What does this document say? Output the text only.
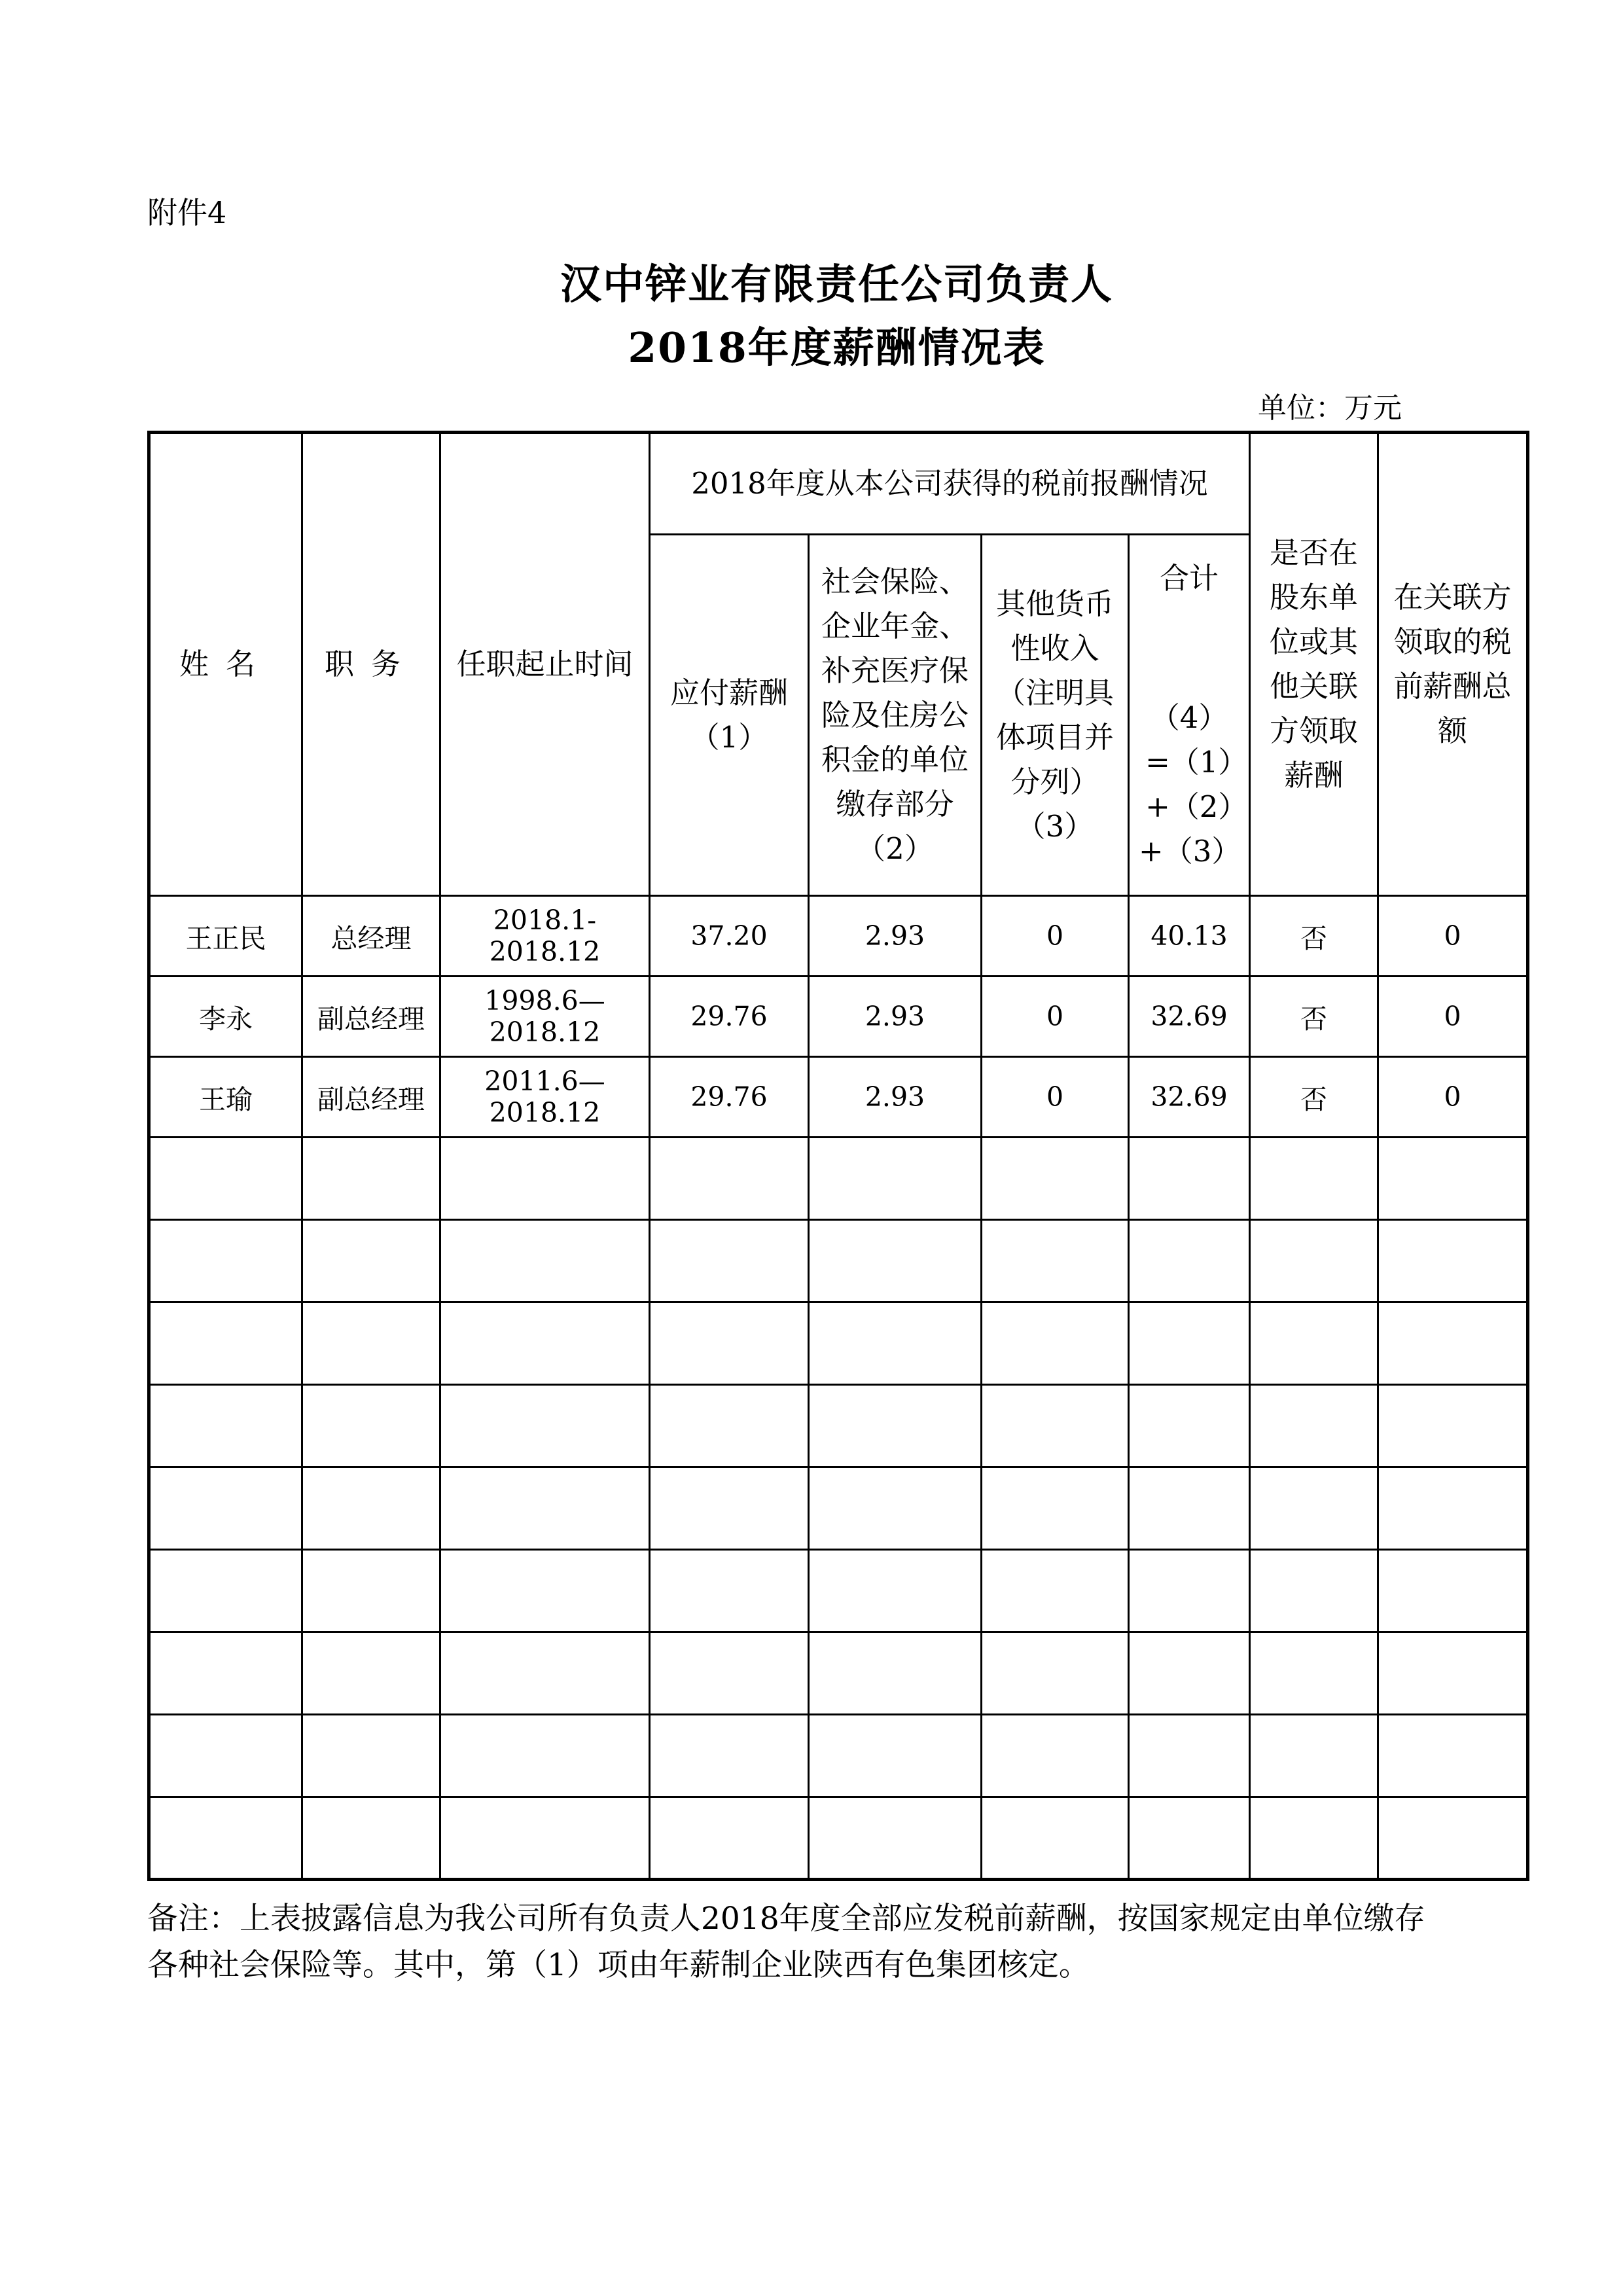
附件4
汉中锌业有限责任公司负责人
2018年度薪酬情况表
单位：万元
姓名	职务	任职起止时间	2018年度从本公司获得的税前报酬情况				是否在股东单位或其他关联方领取薪酬	在关联方领取的税前薪酬总额
			应付薪酬（1）	社会保险、企业年金、补充医疗保险及住房公积金的单位缴存部分（2）	其他货币性收入（注明具体项目并分列）（3）	合计
（4）=（1）+（2）+（3）		

王正民	总经理	2018.1-2018.12	37.20	2.93	0	40.13	否	0
李永	副总经理	1998.6—2018.12	29.76	2.93	0	32.69	否	0
王瑜	副总经理	2011.6—2018.12	29.76	2.93	0	32.69	否	0

备注：上表披露信息为我公司所有负责人2018年度全部应发税前薪酬，按国家规定由单位缴存
各种社会保险等。其中，第（1）项由年薪制企业陕西有色集团核定。
